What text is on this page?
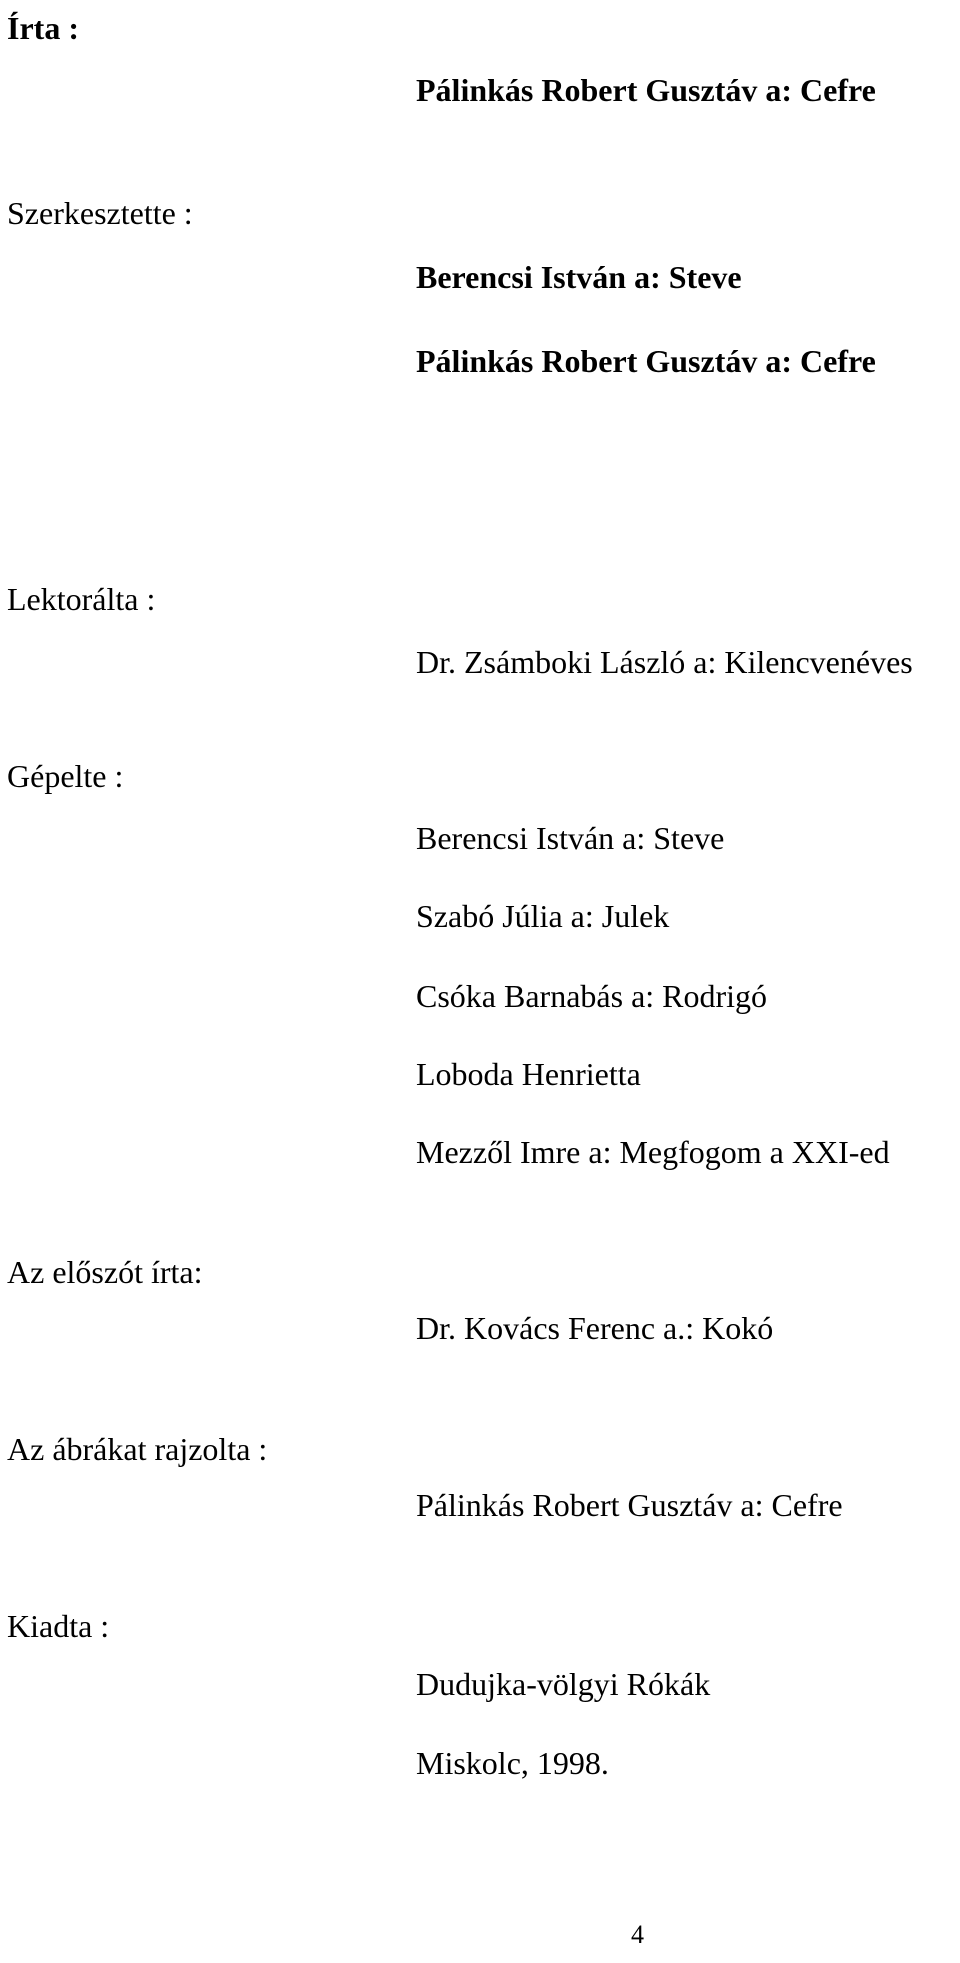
Írta :
Pálinkás Robert Gusztáv a: Cefre
Szerkesztette :
Berencsi István a: Steve
Pálinkás Robert Gusztáv a: Cefre
Lektorálta :
Dr. Zsámboki László a: Kilencvenéves
Gépelte :
Berencsi István a: Steve
Szabó Júlia a: Julek
Csóka Barnabás a: Rodrigó
Loboda Henrietta
Mezzől Imre a: Megfogom a XXI-ed
Az előszót írta:
Dr. Kovács Ferenc a.: Kokó
Az ábrákat rajzolta :
Pálinkás Robert Gusztáv a: Cefre
Kiadta :
Dudujka-völgyi Rókák
Miskolc, 1998.
4
